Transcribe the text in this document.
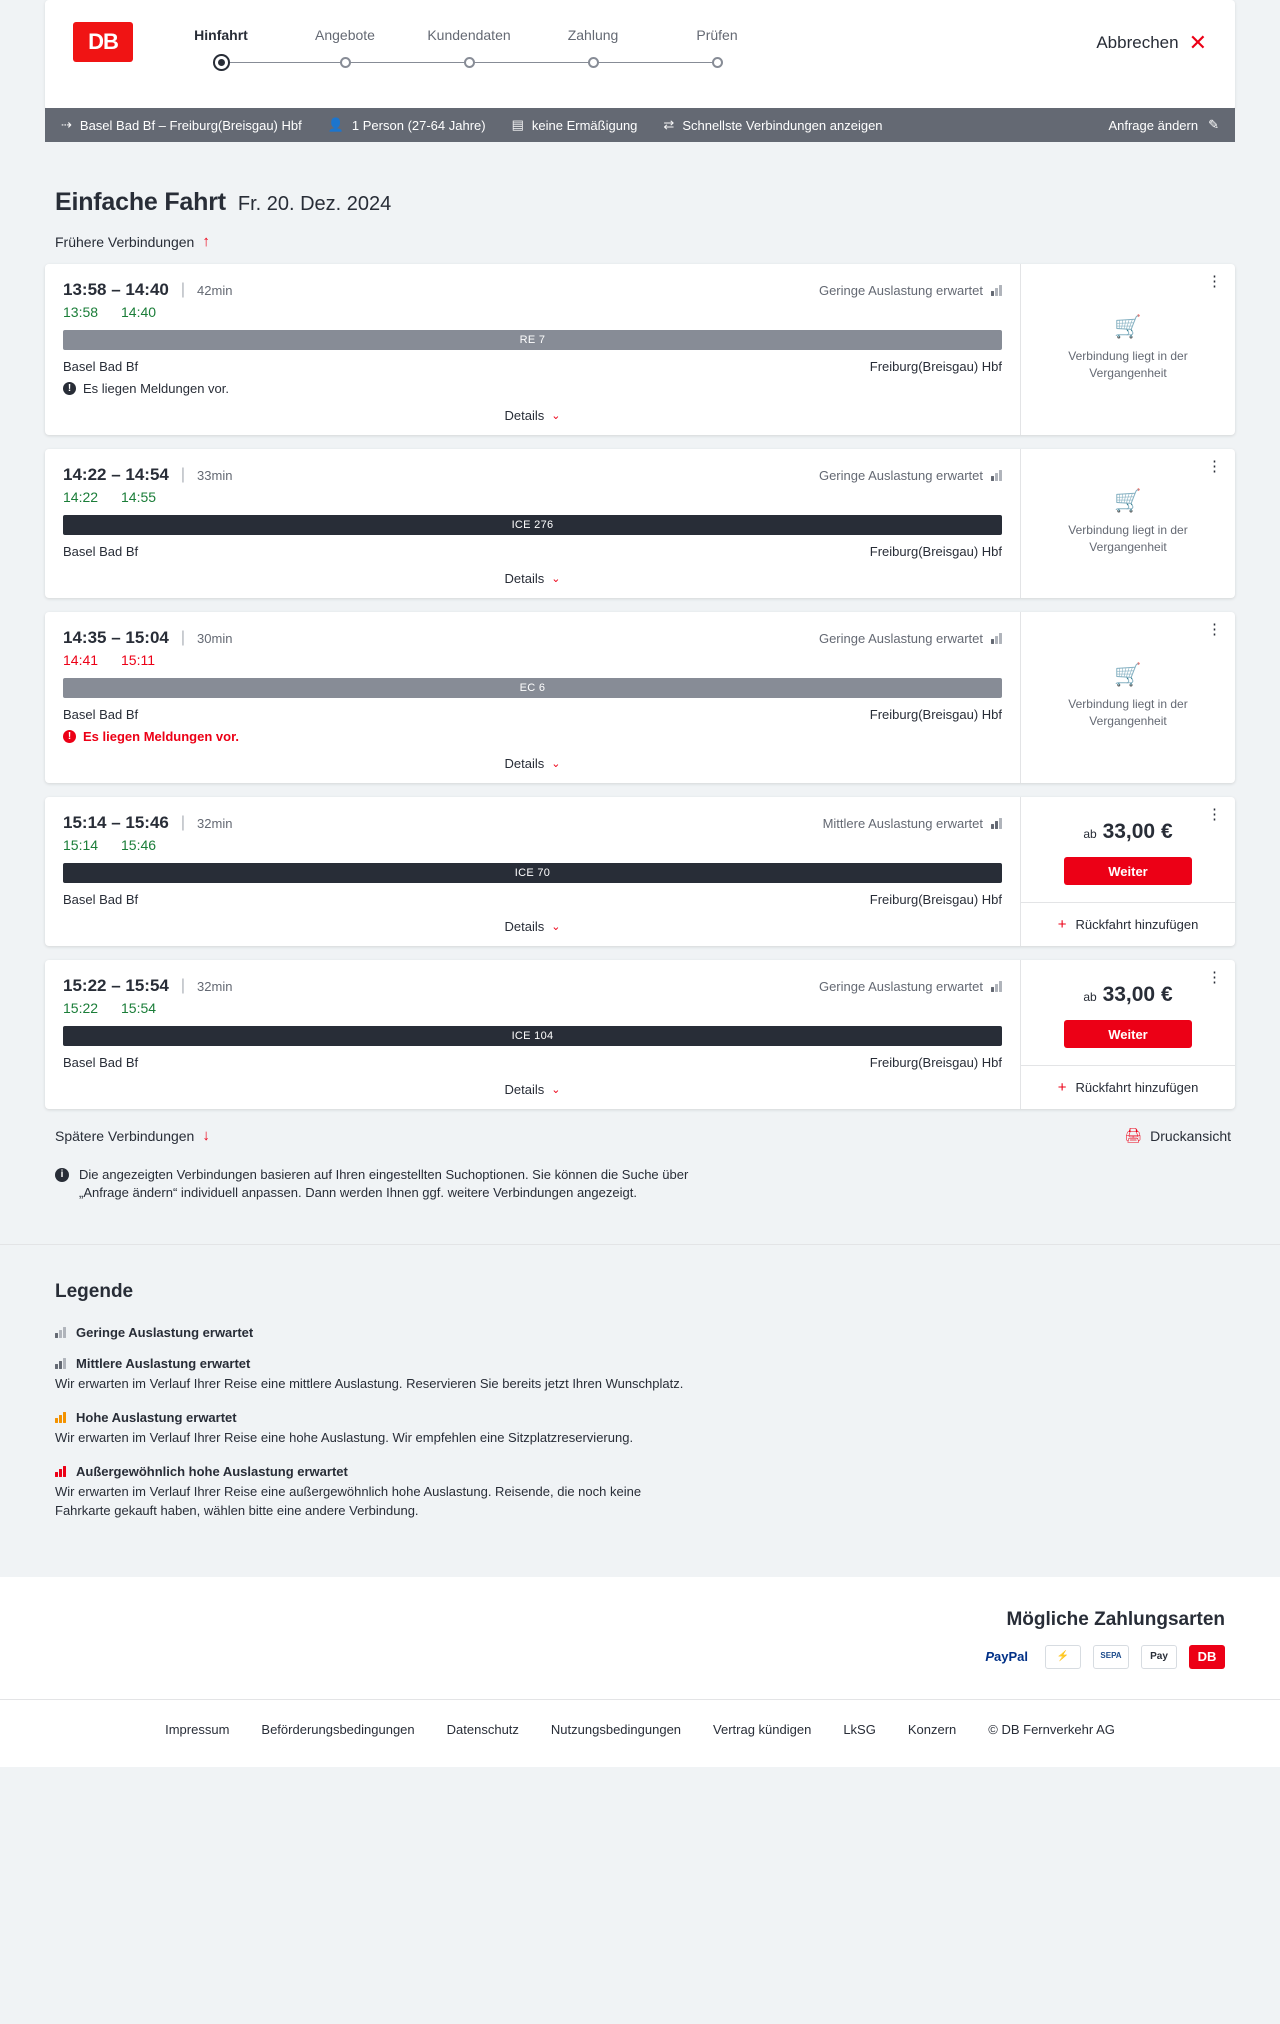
DB	Hinfahrt	Angebote	Kundendaten	Zahlung	Prüfen	Abbrechen ✕
⇢ Basel Bad Bf – Freiburg(Breisgau) Hbf 👤 1 Person (27-64 Jahre) ▤ keine Ermäßigung ⇄ Schnellste Verbindungen anzeigen	Anfrage ändern ✎
Einfache Fahrt Fr. 20. Dez. 2024
Frühere Verbindungen ↑
13:58 – 14:40 | 42min	Geringe Auslastung erwartet
13:58	14:40
RE 7
Basel Bad Bf	Freiburg(Breisgau) Hbf
! Es liegen Meldungen vor.
Details ⌄
⋮
🛒
Verbindung liegt in der Vergangenheit
14:22 – 14:54 | 33min	Geringe Auslastung erwartet
14:22	14:55
ICE 276
Basel Bad Bf	Freiburg(Breisgau) Hbf
Details ⌄
⋮
🛒
Verbindung liegt in der Vergangenheit
14:35 – 15:04 | 30min	Geringe Auslastung erwartet
14:41	15:11
EC 6
Basel Bad Bf	Freiburg(Breisgau) Hbf
! Es liegen Meldungen vor.
Details ⌄
⋮
🛒
Verbindung liegt in der Vergangenheit
15:14 – 15:46 | 32min	Mittlere Auslastung erwartet
15:14	15:46
ICE 70
Basel Bad Bf	Freiburg(Breisgau) Hbf
Details ⌄
⋮
ab 33,00 €
Weiter
+ Rückfahrt hinzufügen
15:22 – 15:54 | 32min	Geringe Auslastung erwartet
15:22	15:54
ICE 104
Basel Bad Bf	Freiburg(Breisgau) Hbf
Details ⌄
⋮
ab 33,00 €
Weiter
+ Rückfahrt hinzufügen
Spätere Verbindungen ↓	🖨 Druckansicht
i	Die angezeigten Verbindungen basieren auf Ihren eingestellten Suchoptionen. Sie können die Suche über „Anfrage ändern“ individuell anpassen. Dann werden Ihnen ggf. weitere Verbindungen angezeigt.
Legende
Geringe Auslastung erwartet
Mittlere Auslastung erwartet
Wir erwarten im Verlauf Ihrer Reise eine mittlere Auslastung. Reservieren Sie bereits jetzt Ihren Wunschplatz.
Hohe Auslastung erwartet
Wir erwarten im Verlauf Ihrer Reise eine hohe Auslastung. Wir empfehlen eine Sitzplatzreservierung.
Außergewöhnlich hohe Auslastung erwartet
Wir erwarten im Verlauf Ihrer Reise eine außergewöhnlich hohe Auslastung. Reisende, die noch keine Fahrkarte gekauft haben, wählen bitte eine andere Verbindung.
Mögliche Zahlungsarten
P ayPal	⚡	SEPA	Pay	DB
Impressum Beförderungsbedingungen Datenschutz Nutzungsbedingungen Vertrag kündigen LkSG Konzern © DB Fernverkehr AG
